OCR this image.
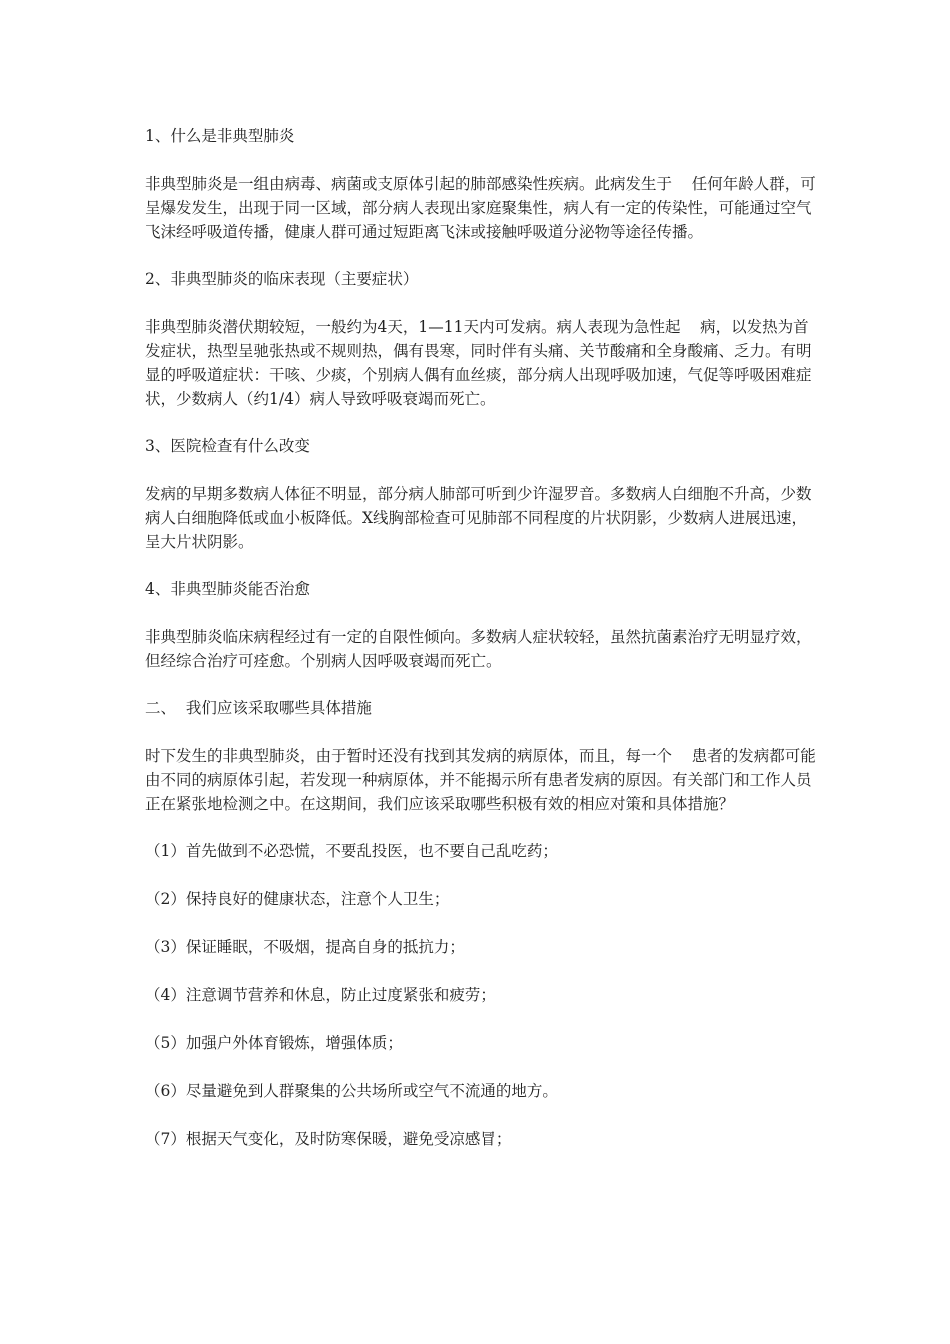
1、什么是非典型肺炎

非典型肺炎是一组由病毒、病菌或支原体引起的肺部感染性疾病。此病发生于    任何年龄人群，可呈爆发发生，出现于同一区域，部分病人表现出家庭聚集性，病人有一定的传染性，可能通过空气飞沫经呼吸道传播，健康人群可通过短距离飞沫或接触呼吸道分泌物等途径传播。

2、非典型肺炎的临床表现（主要症状）

非典型肺炎潜伏期较短，一般约为4天，1—11天内可发病。病人表现为急性起    病，以发热为首发症状，热型呈驰张热或不规则热，偶有畏寒，同时伴有头痛、关节酸痛和全身酸痛、乏力。有明显的呼吸道症状：干咳、少痰，个别病人偶有血丝痰，部分病人出现呼吸加速，气促等呼吸困难症状，少数病人（约1/4）病人导致呼吸衰竭而死亡。

3、医院检查有什么改变

发病的早期多数病人体征不明显，部分病人肺部可听到少许湿罗音。多数病人白细胞不升高，少数病人白细胞降低或血小板降低。X线胸部检查可见肺部不同程度的片状阴影，少数病人进展迅速，呈大片状阴影。

4、非典型肺炎能否治愈

非典型肺炎临床病程经过有一定的自限性倾向。多数病人症状较轻，虽然抗菌素治疗无明显疗效，但经综合治疗可痊愈。个别病人因呼吸衰竭而死亡。

二、  我们应该采取哪些具体措施

时下发生的非典型肺炎，由于暂时还没有找到其发病的病原体，而且，每一个    患者的发病都可能由不同的病原体引起，若发现一种病原体，并不能揭示所有患者发病的原因。有关部门和工作人员正在紧张地检测之中。在这期间，我们应该采取哪些积极有效的相应对策和具体措施？

（1）首先做到不必恐慌，不要乱投医，也不要自己乱吃药；

（2）保持良好的健康状态，注意个人卫生；

（3）保证睡眠，不吸烟，提高自身的抵抗力；

（4）注意调节营养和休息，防止过度紧张和疲劳；

（5）加强户外体育锻炼，增强体质；

（6）尽量避免到人群聚集的公共场所或空气不流通的地方。

（7）根据天气变化，及时防寒保暖，避免受凉感冒；
